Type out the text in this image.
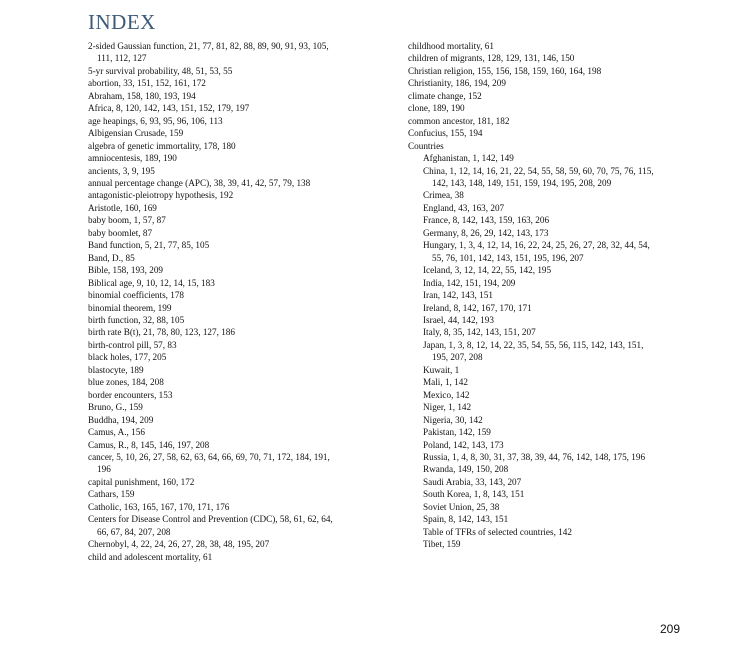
INDEX
2-sided Gaussian function, 21, 77, 81, 82, 88, 89, 90, 91, 93, 105,
111, 112, 127
5-yr survival probability, 48, 51, 53, 55
abortion, 33, 151, 152, 161, 172
Abraham, 158, 180, 193, 194
Africa, 8, 120, 142, 143, 151, 152, 179, 197
age heapings, 6, 93, 95, 96, 106, 113
Albigensian Crusade, 159
algebra of genetic immortality, 178, 180
amniocentesis, 189, 190
ancients, 3, 9, 195
annual percentage change (APC), 38, 39, 41, 42, 57, 79, 138
antagonistic-pleiotropy hypothesis, 192
Aristotle, 160, 169
baby boom, 1, 57, 87
baby boomlet, 87
Band function, 5, 21, 77, 85, 105
Band, D., 85
Bible, 158, 193, 209
Biblical age, 9, 10, 12, 14, 15, 183
binomial coefficients, 178
binomial theorem, 199
birth function, 32, 88, 105
birth rate B(t), 21, 78, 80, 123, 127, 186
birth-control pill, 57, 83
black holes, 177, 205
blastocyte, 189
blue zones, 184, 208
border encounters, 153
Bruno, G., 159
Buddha, 194, 209
Camus, A., 156
Camus, R., 8, 145, 146, 197, 208
cancer, 5, 10, 26, 27, 58, 62, 63, 64, 66, 69, 70, 71, 172, 184, 191,
196
capital punishment, 160, 172
Cathars, 159
Catholic, 163, 165, 167, 170, 171, 176
Centers for Disease Control and Prevention (CDC), 58, 61, 62, 64,
66, 67, 84, 207, 208
Chernobyl, 4, 22, 24, 26, 27, 28, 38, 48, 195, 207
child and adolescent mortality, 61
childhood mortality, 61
children of migrants, 128, 129, 131, 146, 150
Christian religion, 155, 156, 158, 159, 160, 164, 198
Christianity, 186, 194, 209
climate change, 152
clone, 189, 190
common ancestor, 181, 182
Confucius, 155, 194
Countries
Afghanistan, 1, 142, 149
China, 1, 12, 14, 16, 21, 22, 54, 55, 58, 59, 60, 70, 75, 76, 115,
142, 143, 148, 149, 151, 159, 194, 195, 208, 209
Crimea, 38
England, 43, 163, 207
France, 8, 142, 143, 159, 163, 206
Germany, 8, 26, 29, 142, 143, 173
Hungary, 1, 3, 4, 12, 14, 16, 22, 24, 25, 26, 27, 28, 32, 44, 54,
55, 76, 101, 142, 143, 151, 195, 196, 207
Iceland, 3, 12, 14, 22, 55, 142, 195
India, 142, 151, 194, 209
Iran, 142, 143, 151
Ireland, 8, 142, 167, 170, 171
Israel, 44, 142, 193
Italy, 8, 35, 142, 143, 151, 207
Japan, 1, 3, 8, 12, 14, 22, 35, 54, 55, 56, 115, 142, 143, 151,
195, 207, 208
Kuwait, 1
Mali, 1, 142
Mexico, 142
Niger, 1, 142
Nigeria, 30, 142
Pakistan, 142, 159
Poland, 142, 143, 173
Russia, 1, 4, 8, 30, 31, 37, 38, 39, 44, 76, 142, 148, 175, 196
Rwanda, 149, 150, 208
Saudi Arabia, 33, 143, 207
South Korea, 1, 8, 143, 151
Soviet Union, 25, 38
Spain, 8, 142, 143, 151
Table of TFRs of selected countries, 142
Tibet, 159
209
